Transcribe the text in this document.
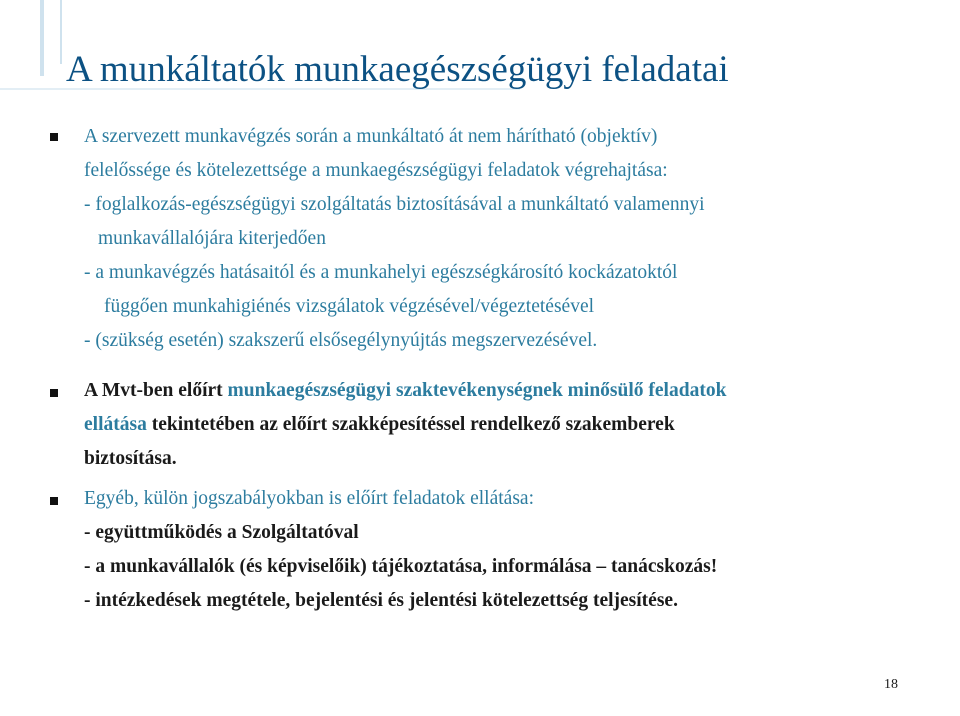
A munkáltatók munkaegészségügyi feladatai

A szervezett munkavégzés során a munkáltató át nem hárítható (objektív)

felelőssége és kötelezettsége a munkaegészségügyi feladatok végrehajtása:

- foglalkozás-egészségügyi szolgáltatás biztosításával a munkáltató valamennyi

munkavállalójára kiterjedően

- a munkavégzés hatásaitól és a munkahelyi egészségkárosító kockázatoktól

függően munkahigiénés vizsgálatok végzésével/végeztetésével

- (szükség esetén) szakszerű elsősegélynyújtás megszervezésével.

A Mvt-ben előírt munkaegészségügyi szaktevékenységnek minősülő feladatok

ellátása tekintetében az előírt szakképesítéssel rendelkező szakemberek

biztosítása.

Egyéb, külön jogszabályokban is előírt feladatok ellátása:

- együttműködés a Szolgáltatóval

- a munkavállalók (és képviselőik) tájékoztatása, informálása – tanácskozás!

- intézkedések megtétele, bejelentési és jelentési kötelezettség teljesítése.

18
